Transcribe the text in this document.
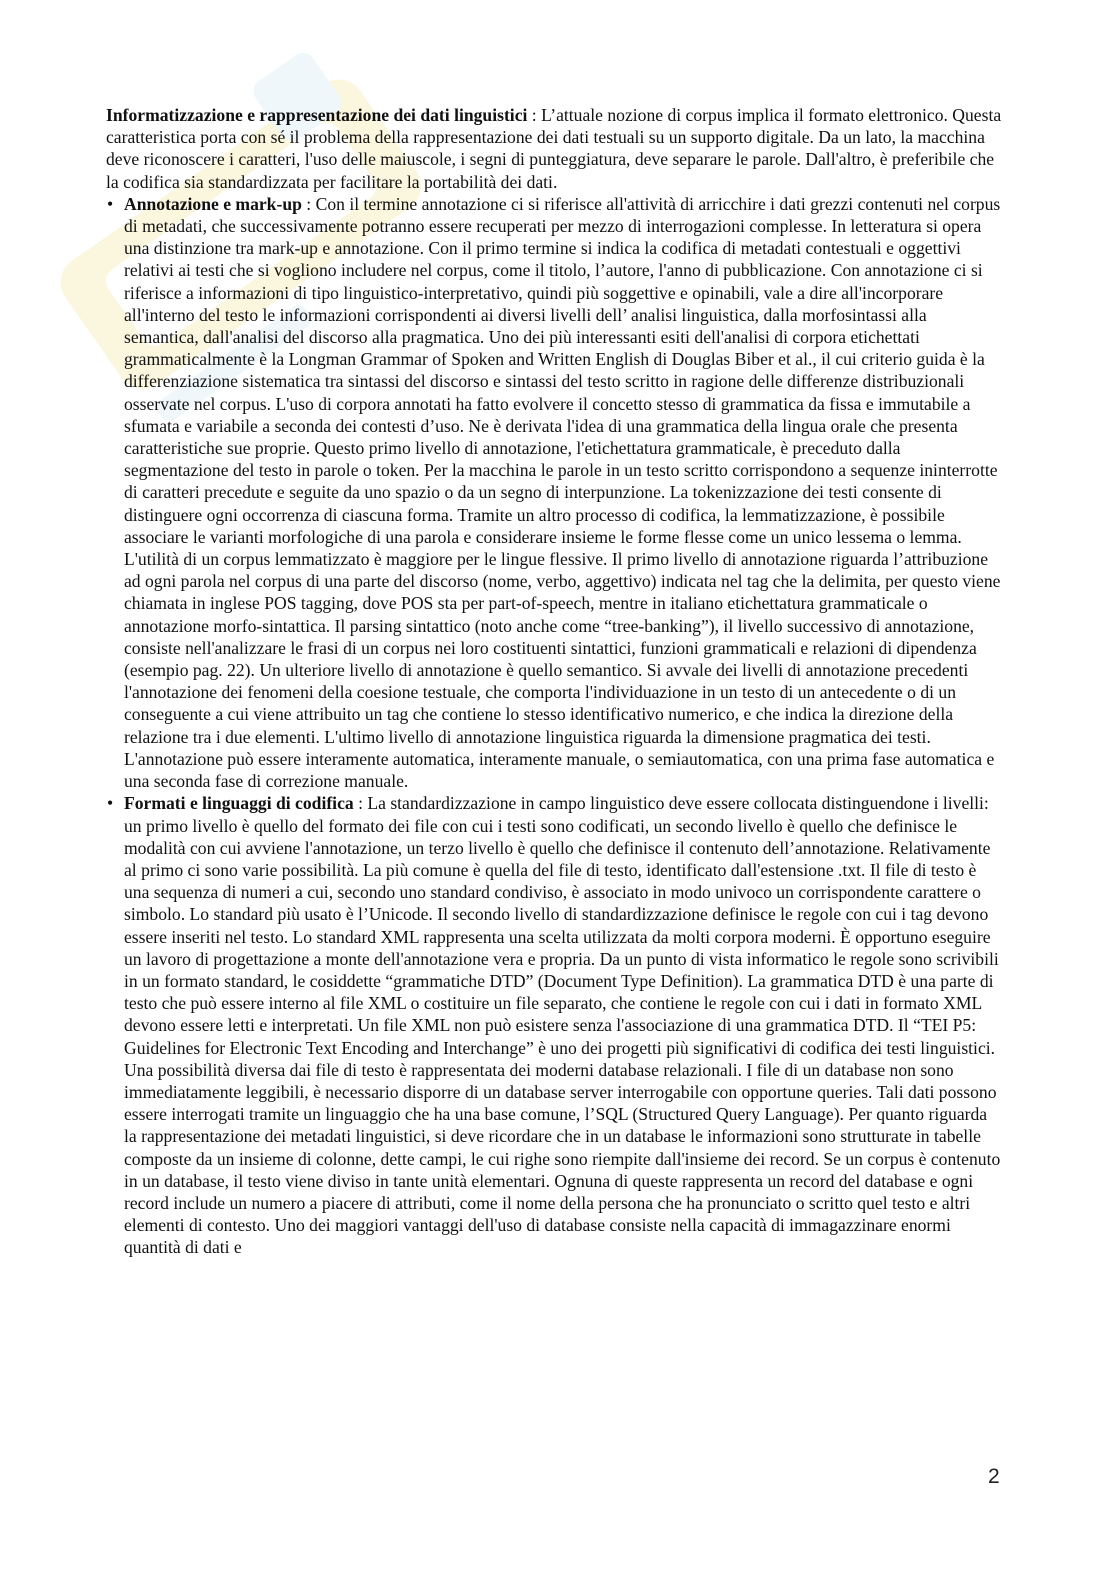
Informatizzazione e rappresentazione dei dati linguistici : L’attuale nozione di corpus implica il formato elettronico. Questa caratteristica porta con sé il problema della rappresentazione dei dati testuali su un supporto digitale. Da un lato, la macchina deve riconoscere i caratteri, l'uso delle maiuscole, i segni di punteggiatura, deve separare le parole. Dall'altro, è preferibile che la codifica sia standardizzata per facilitare la portabilità dei dati.

• Annotazione e mark-up : Con il termine annotazione ci si riferisce all'attività di arricchire i dati grezzi contenuti nel corpus di metadati, che successivamente potranno essere recuperati per mezzo di interrogazioni complesse. In letteratura si opera una distinzione tra mark-up e annotazione. Con il primo termine si indica la codifica di metadati contestuali e oggettivi relativi ai testi che si vogliono includere nel corpus, come il titolo, l’autore, l'anno di pubblicazione. Con annotazione ci si riferisce a informazioni di tipo linguistico-interpretativo, quindi più soggettive e opinabili, vale a dire all'incorporare all'interno del testo le informazioni corrispondenti ai diversi livelli dell’ analisi linguistica, dalla morfosintassi alla semantica, dall'analisi del discorso alla pragmatica. Uno dei più interessanti esiti dell'analisi di corpora etichettati grammaticalmente è la Longman Grammar of Spoken and Written English di Douglas Biber et al., il cui criterio guida è la differenziazione sistematica tra sintassi del discorso e sintassi del testo scritto in ragione delle differenze distribuzionali osservate nel corpus. L'uso di corpora annotati ha fatto evolvere il concetto stesso di grammatica da fissa e immutabile a sfumata e variabile a seconda dei contesti d’uso. Ne è derivata l'idea di una grammatica della lingua orale che presenta caratteristiche sue proprie. Questo primo livello di annotazione, l'etichettatura grammaticale, è preceduto dalla segmentazione del testo in parole o token. Per la macchina le parole in un testo scritto corrispondono a sequenze ininterrotte di caratteri precedute e seguite da uno spazio o da un segno di interpunzione. La tokenizzazione dei testi consente di distinguere ogni occorrenza di ciascuna forma. Tramite un altro processo di codifica, la lemmatizzazione, è possibile associare le varianti morfologiche di una parola e considerare insieme le forme flesse come un unico lessema o lemma. L'utilità di un corpus lemmatizzato è maggiore per le lingue flessive. Il primo livello di annotazione riguarda l’attribuzione ad ogni parola nel corpus di una parte del discorso (nome, verbo, aggettivo) indicata nel tag che la delimita, per questo viene chiamata in inglese POS tagging, dove POS sta per part-of-speech, mentre in italiano etichettatura grammaticale o annotazione morfo-sintattica. Il parsing sintattico (noto anche come “tree-banking”), il livello successivo di annotazione, consiste nell'analizzare le frasi di un corpus nei loro costituenti sintattici, funzioni grammaticali e relazioni di dipendenza (esempio pag. 22). Un ulteriore livello di annotazione è quello semantico. Si avvale dei livelli di annotazione precedenti l'annotazione dei fenomeni della coesione testuale, che comporta l'individuazione in un testo di un antecedente o di un conseguente a cui viene attribuito un tag che contiene lo stesso identificativo numerico, e che indica la direzione della relazione tra i due elementi. L'ultimo livello di annotazione linguistica riguarda la dimensione pragmatica dei testi. L'annotazione può essere interamente automatica, interamente manuale, o semiautomatica, con una prima fase automatica e una seconda fase di correzione manuale.
• Formati e linguaggi di codifica : La standardizzazione in campo linguistico deve essere collocata distinguendone i livelli: un primo livello è quello del formato dei file con cui i testi sono codificati, un secondo livello è quello che definisce le modalità con cui avviene l'annotazione, un terzo livello è quello che definisce il contenuto dell’annotazione. Relativamente al primo ci sono varie possibilità. La più comune è quella del file di testo, identificato dall'estensione .txt. Il file di testo è una sequenza di numeri a cui, secondo uno standard condiviso, è associato in modo univoco un corrispondente carattere o simbolo. Lo standard più usato è l’Unicode. Il secondo livello di standardizzazione definisce le regole con cui i tag devono essere inseriti nel testo. Lo standard XML rappresenta una scelta utilizzata da molti corpora moderni. È opportuno eseguire un lavoro di progettazione a monte dell'annotazione vera e propria. Da un punto di vista informatico le regole sono scrivibili in un formato standard, le cosiddette “grammatiche DTD” (Document Type Definition). La grammatica DTD è una parte di testo che può essere interno al file XML o costituire un file separato, che contiene le regole con cui i dati in formato XML devono essere letti e interpretati. Un file XML non può esistere senza l'associazione di una grammatica DTD. Il “TEI P5: Guidelines for Electronic Text Encoding and Interchange” è uno dei progetti più significativi di codifica dei testi linguistici. Una possibilità diversa dai file di testo è rappresentata dei moderni database relazionali. I file di un database non sono immediatamente leggibili, è necessario disporre di un database server interrogabile con opportune queries. Tali dati possono essere interrogati tramite un linguaggio che ha una base comune, l’SQL (Structured Query Language). Per quanto riguarda la rappresentazione dei metadati linguistici, si deve ricordare che in un database le informazioni sono strutturate in tabelle composte da un insieme di colonne, dette campi, le cui righe sono riempite dall'insieme dei record. Se un corpus è contenuto in un database, il testo viene diviso in tante unità elementari. Ognuna di queste rappresenta un record del database e ogni record include un numero a piacere di attributi, come il nome della persona che ha pronunciato o scritto quel testo e altri elementi di contesto. Uno dei maggiori vantaggi dell'uso di database consiste nella capacità di immagazzinare enormi quantità di dati e
2
